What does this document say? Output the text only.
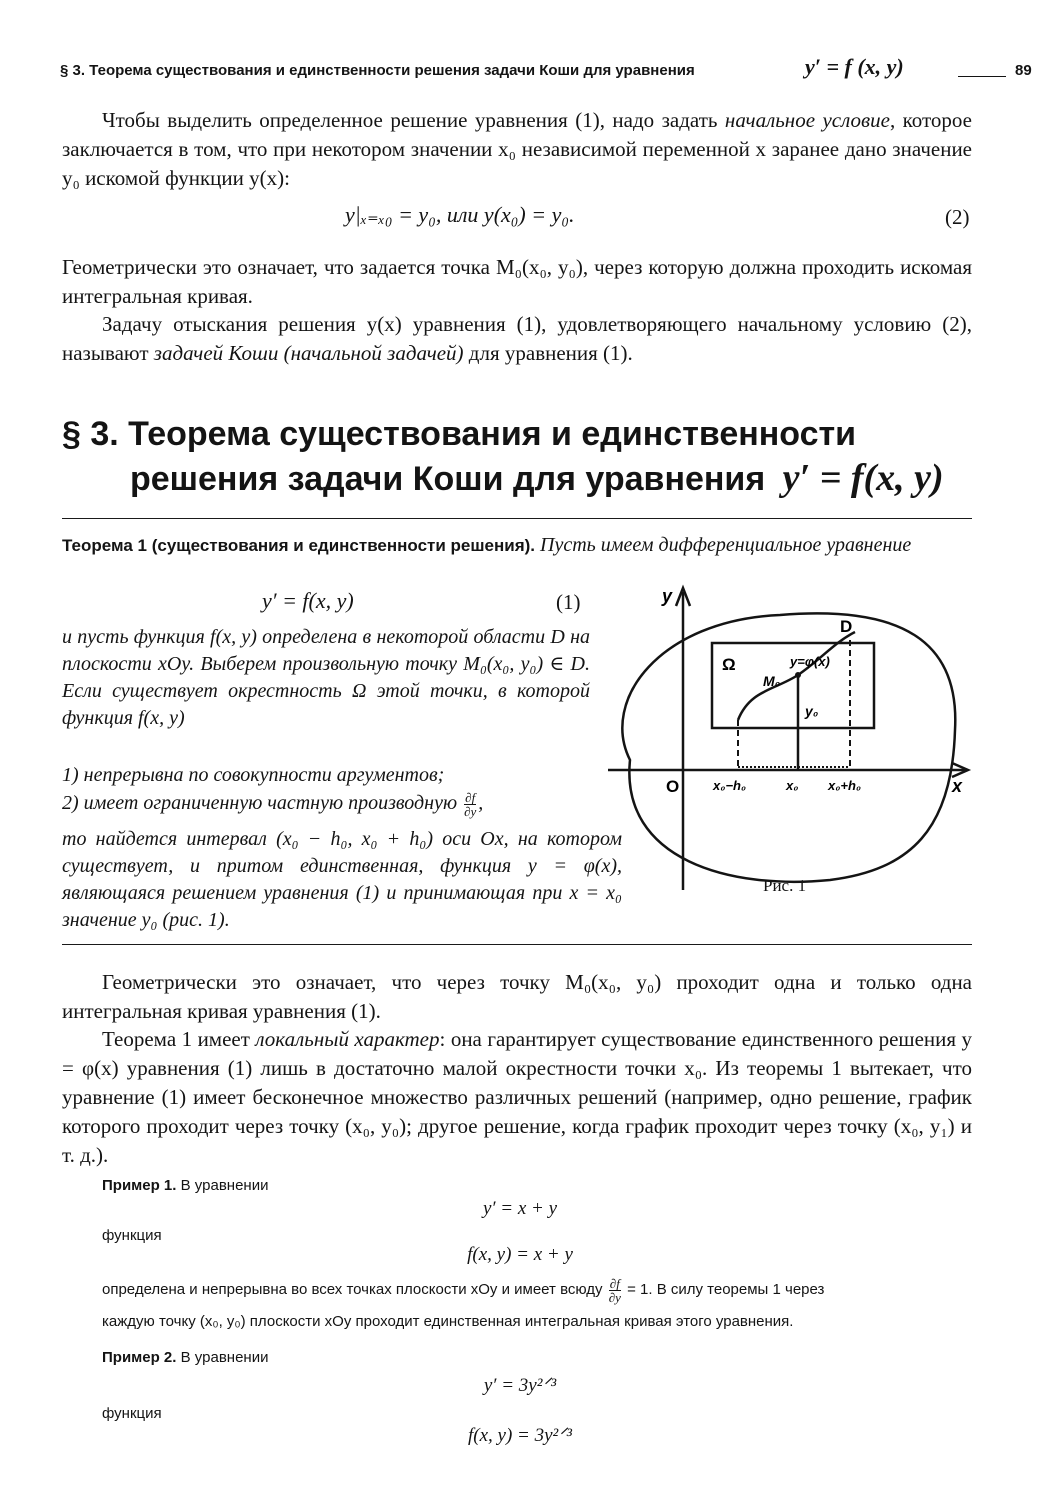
§ 3. Теорема существования и единственности решения задачи Коши для уравнения	y′ = f (x, y)	89
Чтобы выделить определенное решение уравнения (1), надо задать начальное условие, которое заключается в том, что при некотором значении x₀ независимой переменной x заранее дано значение y₀ искомой функции y(x):
y|ₓ₌ₓ₀ = y₀, или y(x₀) = y₀.	(2)
Геометрически это означает, что задается точка M₀(x₀, y₀), через которую должна проходить искомая интегральная кривая.
Задачу отыскания решения y(x) уравнения (1), удовлетворяющего начальному условию (2), называют задачей Коши (начальной задачей) для уравнения (1).
§ 3. Теорема существования и единственности
решения задачи Коши для уравнения y′ = f(x, y)
Теорема 1 (существования и единственности решения). Пусть имеем дифференциальное уравнение
y′ = f(x, y)	(1)
и пусть функция f(x, y) определена в некоторой области D на плоскости xOy. Выберем произвольную точку M₀(x₀, y₀) ∈ D. Если существует окрестность Ω этой точки, в которой функция f(x, y)
1) непрерывна по совокупности аргументов;
2) имеет ограниченную частную производную $\frac{\partial f}{\partial y}$ ,
то найдется интервал (x₀ − h₀, x₀ + h₀) оси Ox, на котором существует, и притом единственная, функция y = φ(x), являющаяся решением уравнения (1) и принимающая при x = x₀ значение y₀ (рис. 1).
y
x
O
D
Ω
M₀
y=φ(x)
y₀
x₀−h₀	x₀ x₀+h₀
Рис. 1
Геометрически это означает, что через точку M₀(x₀, y₀) проходит одна и только одна интегральная кривая уравнения (1).
Теорема 1 имеет локальный характер: она гарантирует существование единственного решения y = φ(x) уравнения (1) лишь в достаточно малой окрестности точки x₀. Из теоремы 1 вытекает, что уравнение (1) имеет бесконечное множество различных решений (например, одно решение, график которого проходит через точку (x₀, y₀); другое решение, когда график проходит через точку (x₀, y₁) и т. д.).
Пример 1. В уравнении
y′ = x + y
функция
f(x, y) = x + y
определена и непрерывна во всех точках плоскости xOy и имеет всюду $\frac{\partial f}{\partial y} = 1$. В силу теоремы 1 через
каждую точку (x₀, y₀) плоскости xOy проходит единственная интегральная кривая этого уравнения.
Пример 2. В уравнении
y′ = 3y²ᐟ³
функция
f(x, y) = 3y²ᐟ³
